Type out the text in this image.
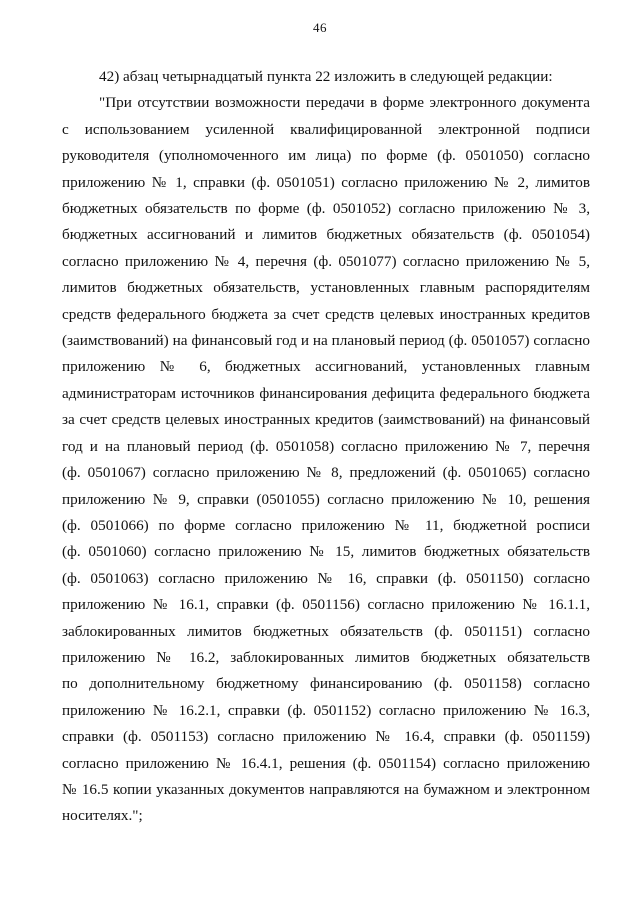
46
42) абзац четырнадцатый пункта 22 изложить в следующей редакции:
"При отсутствии возможности передачи в форме электронного документа
с использованием усиленной квалифицированной электронной подписи
руководителя (уполномоченного им лица) по форме (ф. 0501050) согласно
приложению № 1, справки (ф. 0501051) согласно приложению № 2, лимитов
бюджетных обязательств по форме (ф. 0501052) согласно приложению № 3,
бюджетных ассигнований и лимитов бюджетных обязательств (ф. 0501054)
согласно приложению № 4, перечня (ф. 0501077) согласно приложению № 5,
лимитов бюджетных обязательств, установленных главным распорядителям
средств федерального бюджета за счет средств целевых иностранных кредитов
(заимствований) на финансовый год и на плановый период (ф. 0501057) согласно
приложению № 6, бюджетных ассигнований, установленных главным
администраторам источников финансирования дефицита федерального бюджета
за счет средств целевых иностранных кредитов (заимствований) на финансовый
год и на плановый период (ф. 0501058) согласно приложению № 7, перечня
(ф. 0501067) согласно приложению № 8, предложений (ф. 0501065) согласно
приложению № 9, справки (0501055) согласно приложению № 10, решения
(ф. 0501066) по форме согласно приложению № 11, бюджетной росписи
(ф. 0501060) согласно приложению № 15, лимитов бюджетных обязательств
(ф. 0501063) согласно приложению № 16, справки (ф. 0501150) согласно
приложению № 16.1, справки (ф. 0501156) согласно приложению № 16.1.1,
заблокированных лимитов бюджетных обязательств (ф. 0501151) согласно
приложению № 16.2, заблокированных лимитов бюджетных обязательств
по дополнительному бюджетному финансированию (ф. 0501158) согласно
приложению № 16.2.1, справки (ф. 0501152) согласно приложению № 16.3,
справки (ф. 0501153) согласно приложению № 16.4, справки (ф. 0501159)
согласно приложению № 16.4.1, решения (ф. 0501154) согласно приложению
№ 16.5 копии указанных документов направляются на бумажном и электронном
носителях.";
